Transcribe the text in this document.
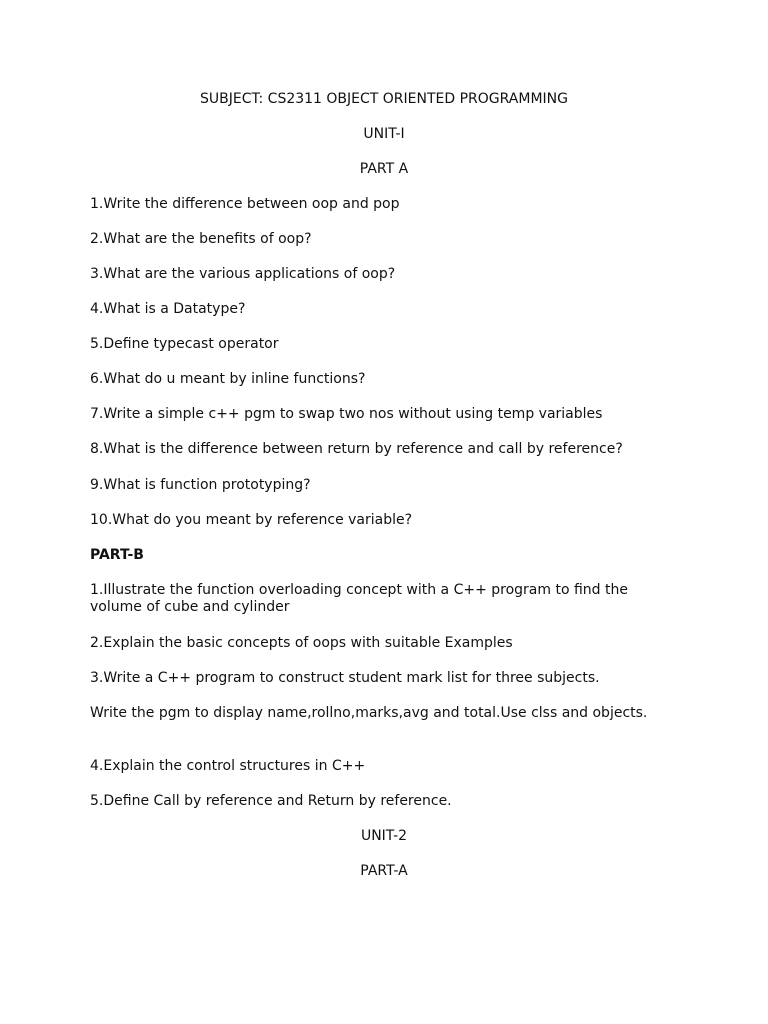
SUBJECT: CS2311 OBJECT ORIENTED PROGRAMMING
UNIT-I
PART A
1.Write the difference between oop and pop
2.What are the benefits of oop?
3.What are the various applications of oop?
4.What is a Datatype?
5.Define typecast operator
6.What do u meant by inline functions?
7.Write a simple c++ pgm to swap two nos without using temp variables
8.What is the difference between return by reference and call by reference?
9.What is function prototyping?
10.What do you meant by reference variable?
PART-B
1.Illustrate the function overloading concept with a C++ program to find the volume of cube and cylinder
2.Explain the basic concepts of oops with suitable Examples
3.Write a C++ program to construct student mark list for three subjects.
Write the pgm to display name,rollno,marks,avg and total.Use clss and objects.
4.Explain the control structures in C++
5.Define Call by reference and Return by reference.
UNIT-2
PART-A
